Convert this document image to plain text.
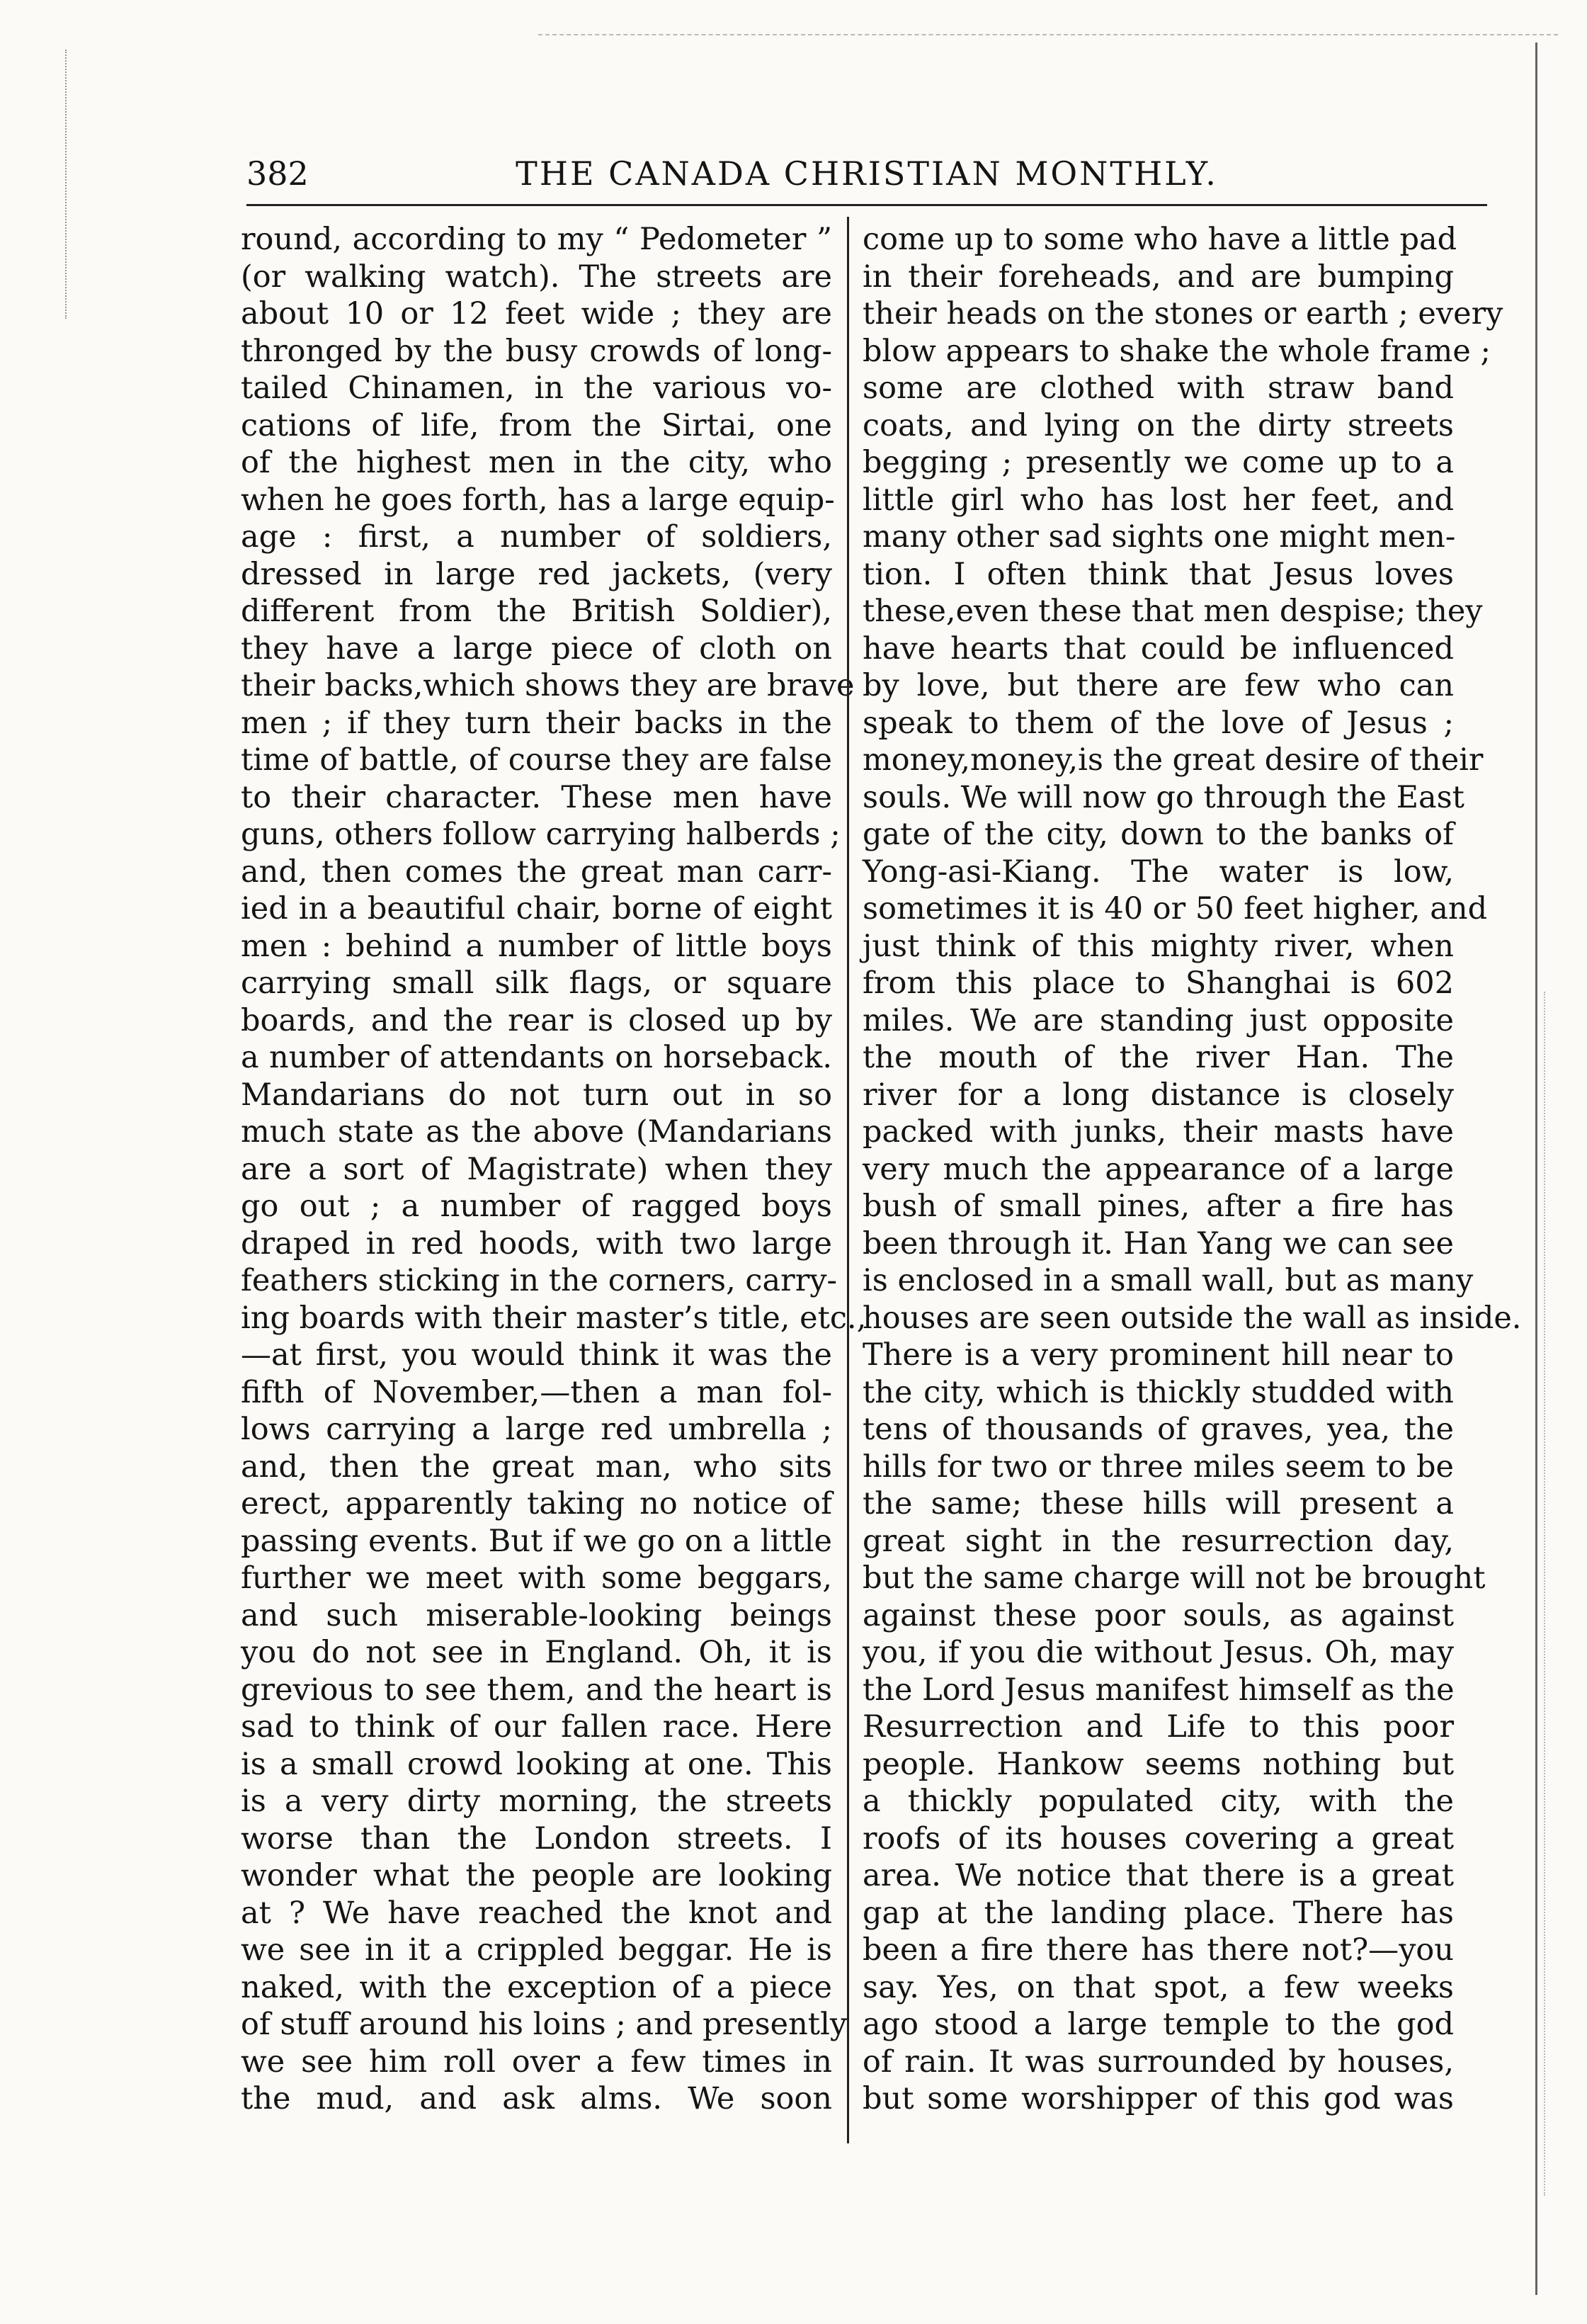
382	THE CANADA CHRISTIAN MONTHLY.
round, according to my “ Pedometer ”
(or walking watch). The streets are
about 10 or 12 feet wide ; they are
thronged by the busy crowds of long-
tailed Chinamen, in the various vo-
cations of life, from the Sirtai, one
of the highest men in the city, who
when he goes forth, has a large equip-
age : first, a number of soldiers,
dressed in large red jackets, (very
different from the British Soldier),
they have a large piece of cloth on
their backs,which shows they are brave
men ; if they turn their backs in the
time of battle, of course they are false
to their character. These men have
guns, others follow carrying halberds ;
and, then comes the great man carr-
ied in a beautiful chair, borne of eight
men : behind a number of little boys
carrying small silk flags, or square
boards, and the rear is closed up by
a number of attendants on horseback.
Mandarians do not turn out in so
much state as the above (Mandarians
are a sort of Magistrate) when they
go out ; a number of ragged boys
draped in red hoods, with two large
feathers sticking in the corners, carry-
ing boards with their master’s title, etc.,
—at first, you would think it was the
fifth of November,—then a man fol-
lows carrying a large red umbrella ;
and, then the great man, who sits
erect, apparently taking no notice of
passing events. But if we go on a little
further we meet with some beggars,
and such miserable-looking beings
you do not see in England. Oh, it is
grevious to see them, and the heart is
sad to think of our fallen race. Here
is a small crowd looking at one. This
is a very dirty morning, the streets
worse than the London streets. I
wonder what the people are looking
at ? We have reached the knot and
we see in it a crippled beggar. He is
naked, with the exception of a piece
of stuff around his loins ; and presently
we see him roll over a few times in
the mud, and ask alms. We soon
come up to some who have a little pad
in their foreheads, and are bumping
their heads on the stones or earth ; every
blow appears to shake the whole frame ;
some are clothed with straw band
coats, and lying on the dirty streets
begging ; presently we come up to a
little girl who has lost her feet, and
many other sad sights one might men-
tion. I often think that Jesus loves
these,even these that men despise; they
have hearts that could be influenced
by love, but there are few who can
speak to them of the love of Jesus ;
money,money,is the great desire of their
souls. We will now go through the East
gate of the city, down to the banks of
Yong-asi-Kiang. The water is low,
sometimes it is 40 or 50 feet higher, and
just think of this mighty river, when
from this place to Shanghai is 602
miles. We are standing just opposite
the mouth of the river Han. The
river for a long distance is closely
packed with junks, their masts have
very much the appearance of a large
bush of small pines, after a fire has
been through it. Han Yang we can see
is enclosed in a small wall, but as many
houses are seen outside the wall as inside.
There is a very prominent hill near to
the city, which is thickly studded with
tens of thousands of graves, yea, the
hills for two or three miles seem to be
the same; these hills will present a
great sight in the resurrection day,
but the same charge will not be brought
against these poor souls, as against
you, if you die without Jesus. Oh, may
the Lord Jesus manifest himself as the
Resurrection and Life to this poor
people. Hankow seems nothing but
a thickly populated city, with the
roofs of its houses covering a great
area. We notice that there is a great
gap at the landing place. There has
been a fire there has there not?—you
say. Yes, on that spot, a few weeks
ago stood a large temple to the god
of rain. It was surrounded by houses,
but some worshipper of this god was
